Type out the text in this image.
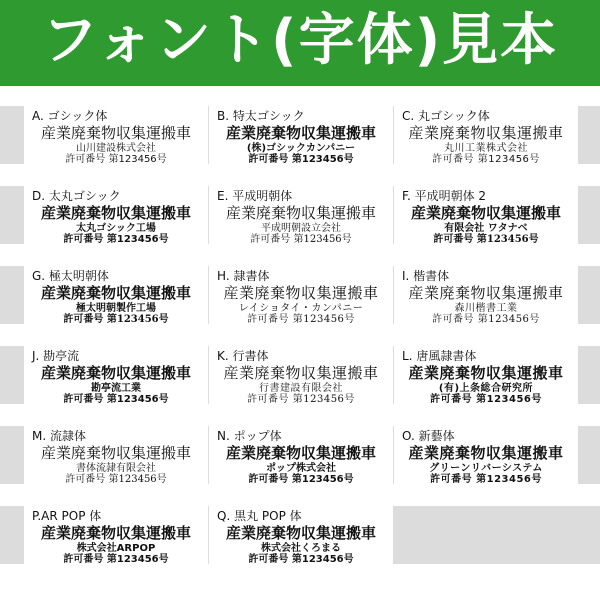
フォント(字体)見本
A. ゴシック体
産業廃棄物収集運搬車
山川建設株式会社
許可番号 第123456号
B. 特太ゴシック
産業廃棄物収集運搬車
(株)ゴシックカンパニー
許可番号 第123456号
C. 丸ゴシック体
産業廃棄物収集運搬車
丸川工業株式会社
許可番号 第123456号
D. 太丸ゴシック
産業廃棄物収集運搬車
太丸ゴシック工場
許可番号 第123456号
E. 平成明朝体
産業廃棄物収集運搬車
平成明朝設立会社
許可番号 第123456号
F. 平成明朝体 2
産業廃棄物収集運搬車
有限会社 ワタナベ
許可番号 第123456号
G. 極太明朝体
産業廃棄物収集運搬車
極太明朝製作工場
許可番号 第123456号
H. 隷書体
産業廃棄物収集運搬車
レイショタイ・カンパニー
許可番号 第123456号
I. 楷書体
産業廃棄物収集運搬車
森川楷書工業
許可番号 第123456号
J. 勘亭流
産業廃棄物収集運搬車
勘亭流工業
許可番号 第123456号
K. 行書体
産業廃棄物収集運搬車
行書建設有限会社
許可番号 第123456号
L. 唐風隷書体
産業廃棄物収集運搬車
(有)上条総合研究所
許可番号 第123456号
M. 流隷体
産業廃棄物収集運搬車
書体流隷有限会社
許可番号 第123456号
N. ポップ体
産業廃棄物収集運搬車
ポップ株式会社
許可番号 第123456号
O. 新藝体
産業廃棄物収集運搬車
グリーンリバーシステム
許可番号 第123456号
P.AR POP 体
産業廃棄物収集運搬車
株式会社ARPOP
許可番号 第123456号
Q. 黒丸 POP 体
産業廃棄物収集運搬車
株式会社くろまる
許可番号 第123456号
